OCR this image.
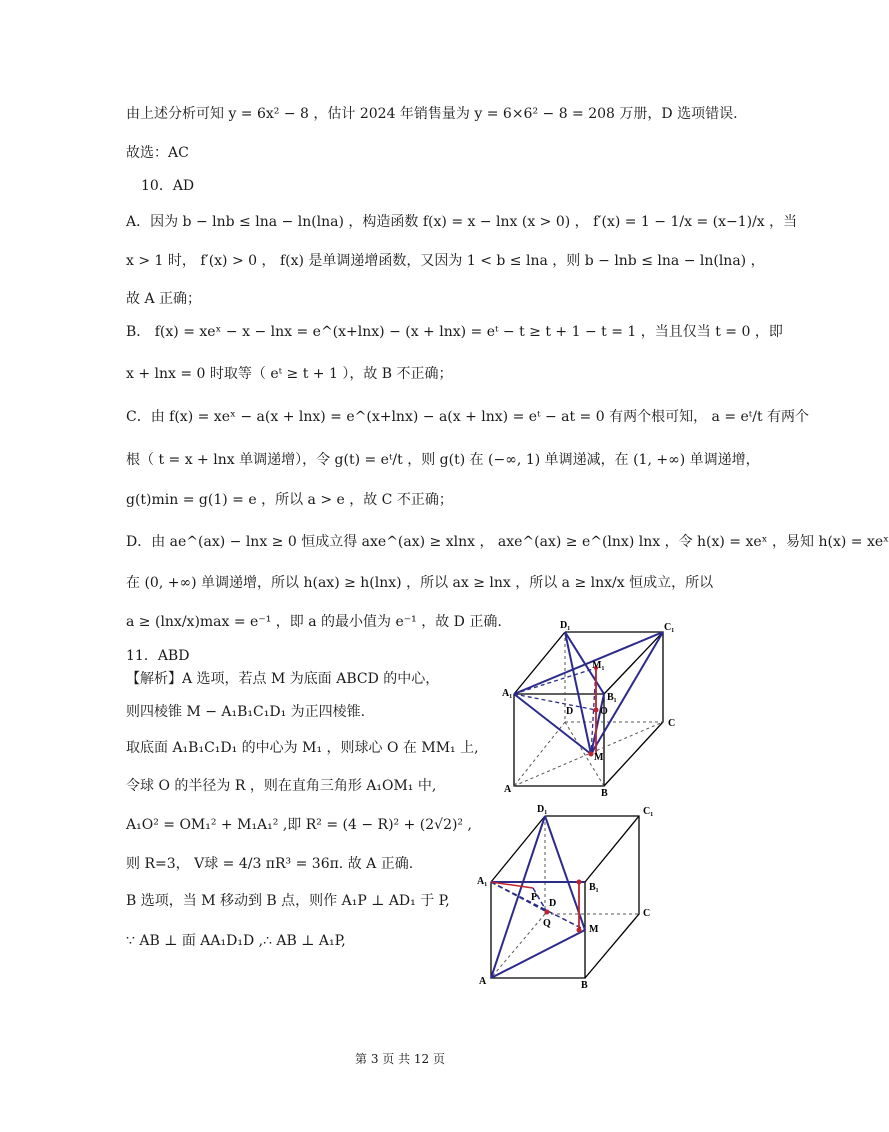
由上述分析可知 y = 6x² − 8 ，估计 2024 年销售量为 y = 6×6² − 8 = 208 万册，D 选项错误.
故选：AC
10．AD
A．因为 b − lnb ≤ lna − ln(lna) ，构造函数 f(x) = x − lnx (x > 0) ， f′(x) = 1 − 1/x = (x−1)/x ，当
x > 1 时， f′(x) > 0 ， f(x) 是单调递增函数，又因为 1 < b ≤ lna ，则 b − lnb ≤ lna − ln(lna) ，
故 A 正确；
B． f(x) = xeˣ − x − lnx = e^(x+lnx) − (x + lnx) = eᵗ − t ≥ t + 1 − t = 1 ，当且仅当 t = 0 ，即
x + lnx = 0 时取等（ eᵗ ≥ t + 1 ），故 B 不正确；
C．由 f(x) = xeˣ − a(x + lnx) = e^(x+lnx) − a(x + lnx) = eᵗ − at = 0 有两个根可知， a = eᵗ/t 有两个
根（ t = x + lnx 单调递增），令 g(t) = eᵗ/t ，则 g(t) 在 (−∞, 1) 单调递减，在 (1, +∞) 单调递增，
g(t)min = g(1) = e ，所以 a > e ，故 C 不正确；
D．由 ae^(ax) − lnx ≥ 0 恒成立得 axe^(ax) ≥ xlnx ， axe^(ax) ≥ e^(lnx) lnx ，令 h(x) = xeˣ ，易知 h(x) = xeˣ
在 (0, +∞) 单调递增，所以 h(ax) ≥ h(lnx) ，所以 ax ≥ lnx ，所以 a ≥ lnx/x 恒成立，所以
a ≥ (lnx/x)max = e⁻¹ ，即 a 的最小值为 e⁻¹ ，故 D 正确.
11．ABD
【解析】A 选项，若点 M 为底面 ABCD 的中心，
则四棱锥 M − A₁B₁C₁D₁ 为正四棱锥.
取底面 A₁B₁C₁D₁ 的中心为 M₁ ，则球心 O 在 MM₁ 上,
令球 O 的半径为 R ，则在直角三角形 A₁OM₁ 中,
A₁O² = OM₁² + M₁A₁² ,即 R² = (4 − R)² + (2√2)² ,
则 R=3， V球 = 4/3 πR³ = 36π. 故 A 正确.
B 选项，当 M 移动到 B 点，则作 A₁P ⊥ AD₁ 于 P,
∵ AB ⊥ 面 AA₁D₁D ,∴ AB ⊥ A₁P,
D₁	C₁
M₁
A₁	B₁
D	O
C
M
A	B
D₁	C₁
A₁
P
B₁
D
Q
C
M
A	B
第 3 页 共 12 页
